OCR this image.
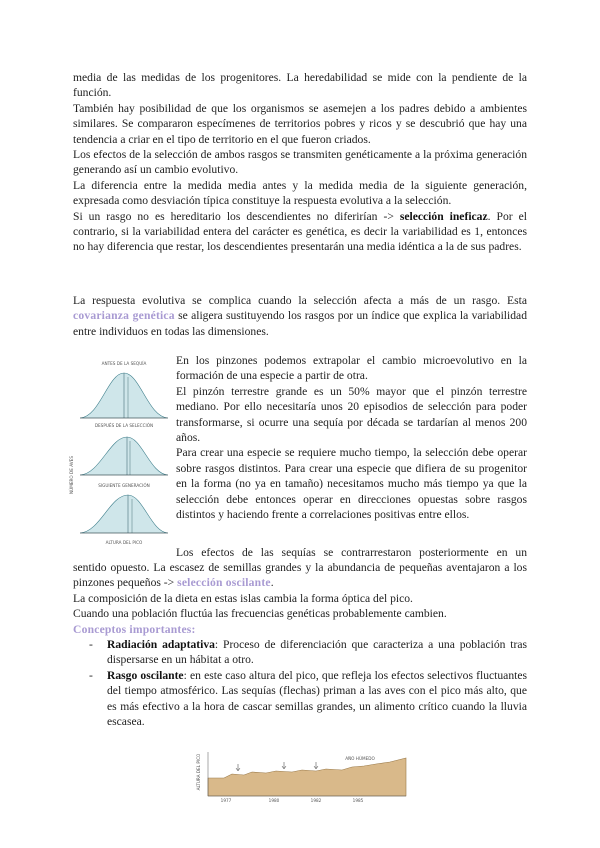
media de las medidas de los progenitores. La heredabilidad se mide con la pendiente de la función.

También hay posibilidad de que los organismos se asemejen a los padres debido a ambientes similares. Se compararon especímenes de territorios pobres y ricos y se descubrió que hay una tendencia a criar en el tipo de territorio en el que fueron criados.

Los efectos de la selección de ambos rasgos se transmiten genéticamente a la próxima generación generando así un cambio evolutivo.

La diferencia entre la medida media antes y la medida media de la siguiente generación, expresada como desviación típica constituye la respuesta evolutiva a la selección.

Si un rasgo no es hereditario los descendientes no diferirían -> selección ineficaz. Por el contrario, si la variabilidad entera del carácter es genética, es decir la variabilidad es 1, entonces no hay diferencia que restar, los descendientes presentarán una media idéntica a la de sus padres.

La respuesta evolutiva se complica cuando la selección afecta a más de un rasgo. Esta covarianza genética se aligera sustituyendo los rasgos por un índice que explica la variabilidad entre individuos en todas las dimensiones.

NÚMERO DE AVES
ANTES DE LA SEQUÍA
DESPUÉS DE LA SELECCIÓN
SIGUIENTE GENERACIÓN
ALTURA DEL PICO

En los pinzones podemos extrapolar el cambio microevolutivo en la formación de una especie a partir de otra.

El pinzón terrestre grande es un 50% mayor que el pinzón terrestre mediano. Por ello necesitaría unos 20 episodios de selección para poder transformarse, si ocurre una sequía por década se tardarían al menos 200 años.

Para crear una especie se requiere mucho tiempo, la selección debe operar sobre rasgos distintos. Para crear una especie que difiera de su progenitor en la forma (no ya en tamaño) necesitamos mucho más tiempo ya que la selección debe entonces operar en direcciones opuestas sobre rasgos distintos y haciendo frente a correlaciones positivas entre ellos.

Los efectos de las sequías se contrarrestaron posteriormente en un

sentido opuesto. La escasez de semillas grandes y la abundancia de pequeñas aventajaron a los pinzones pequeños -> selección oscilante.

La composición de la dieta en estas islas cambia la forma óptica del pico.

Cuando una población fluctúa las frecuencias genéticas probablemente cambien.

Conceptos importantes:

- Radiación adaptativa: Proceso de diferenciación que caracteriza a una población tras dispersarse en un hábitat a otro.
- Rasgo oscilante: en este caso altura del pico, que refleja los efectos selectivos fluctuantes del tiempo atmosférico. Las sequías (flechas) priman a las aves con el pico más alto, que es más efectivo a la hora de cascar semillas grandes, un alimento crítico cuando la lluvia escasea.
ALTURA DEL PICO	AÑO HÚMEDO
1977	1980	1982	1985
